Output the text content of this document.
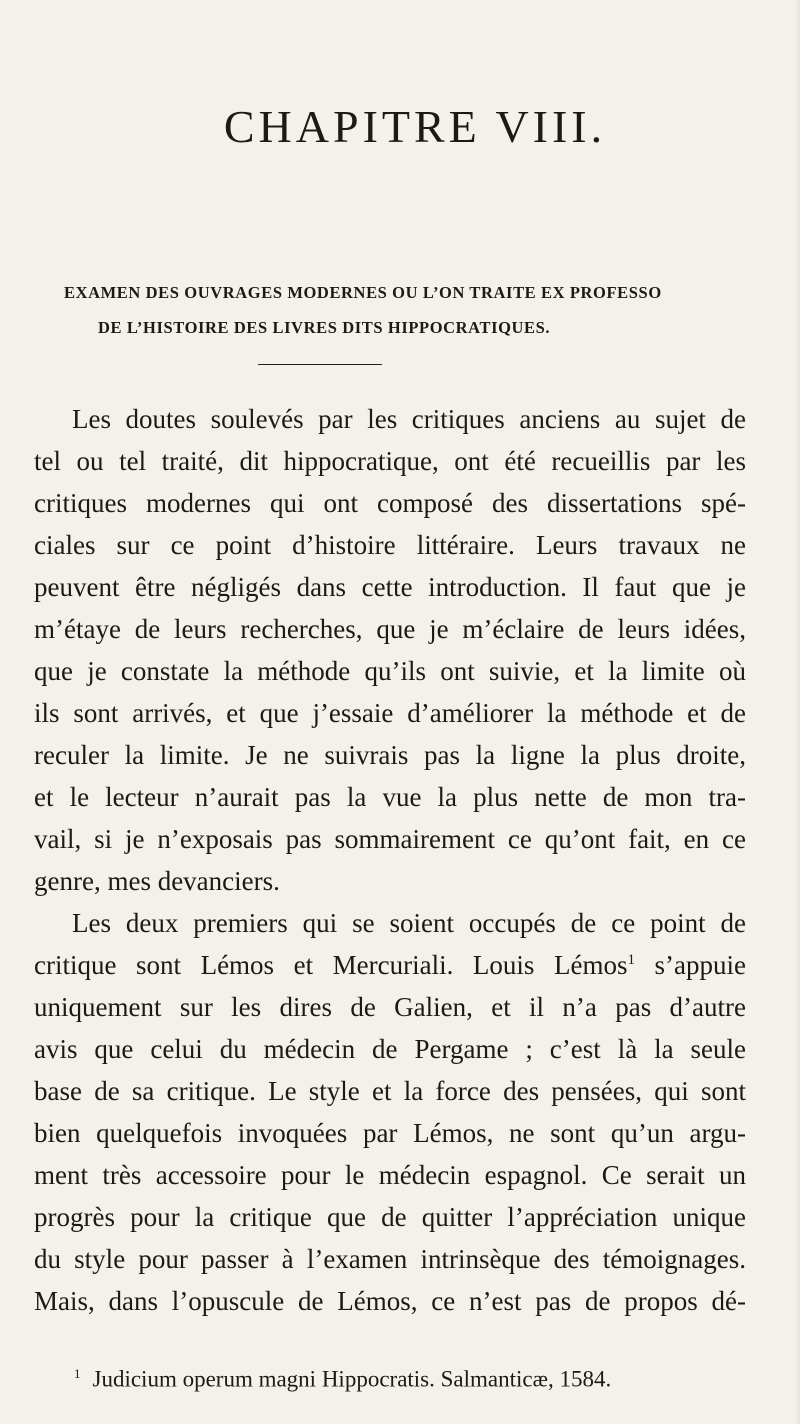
CHAPITRE VIII.
EXAMEN DES OUVRAGES MODERNES OU L’ON TRAITE EX PROFESSO
DE L’HISTOIRE DES LIVRES DITS HIPPOCRATIQUES.
Les doutes soulevés par les critiques anciens au sujet de
tel ou tel traité, dit hippocratique, ont été recueillis par les
critiques modernes qui ont composé des dissertations spé-
ciales sur ce point d’histoire littéraire. Leurs travaux ne
peuvent être négligés dans cette introduction. Il faut que je
m’étaye de leurs recherches, que je m’éclaire de leurs idées,
que je constate la méthode qu’ils ont suivie, et la limite où
ils sont arrivés, et que j’essaie d’améliorer la méthode et de
reculer la limite. Je ne suivrais pas la ligne la plus droite,
et le lecteur n’aurait pas la vue la plus nette de mon tra-
vail, si je n’exposais pas sommairement ce qu’ont fait, en ce
genre, mes devanciers.
Les deux premiers qui se soient occupés de ce point de
critique sont Lémos et Mercuriali. Louis Lémos$^1$ s’appuie
uniquement sur les dires de Galien, et il n’a pas d’autre
avis que celui du médecin de Pergame ; c’est là la seule
base de sa critique. Le style et la force des pensées, qui sont
bien quelquefois invoquées par Lémos, ne sont qu’un argu-
ment très accessoire pour le médecin espagnol. Ce serait un
progrès pour la critique que de quitter l’appréciation unique
du style pour passer à l’examen intrinsèque des témoignages.
Mais, dans l’opuscule de Lémos, ce n’est pas de propos dé-
$^1$ Judicium operum magni Hippocratis. Salmanticæ, 1584.
